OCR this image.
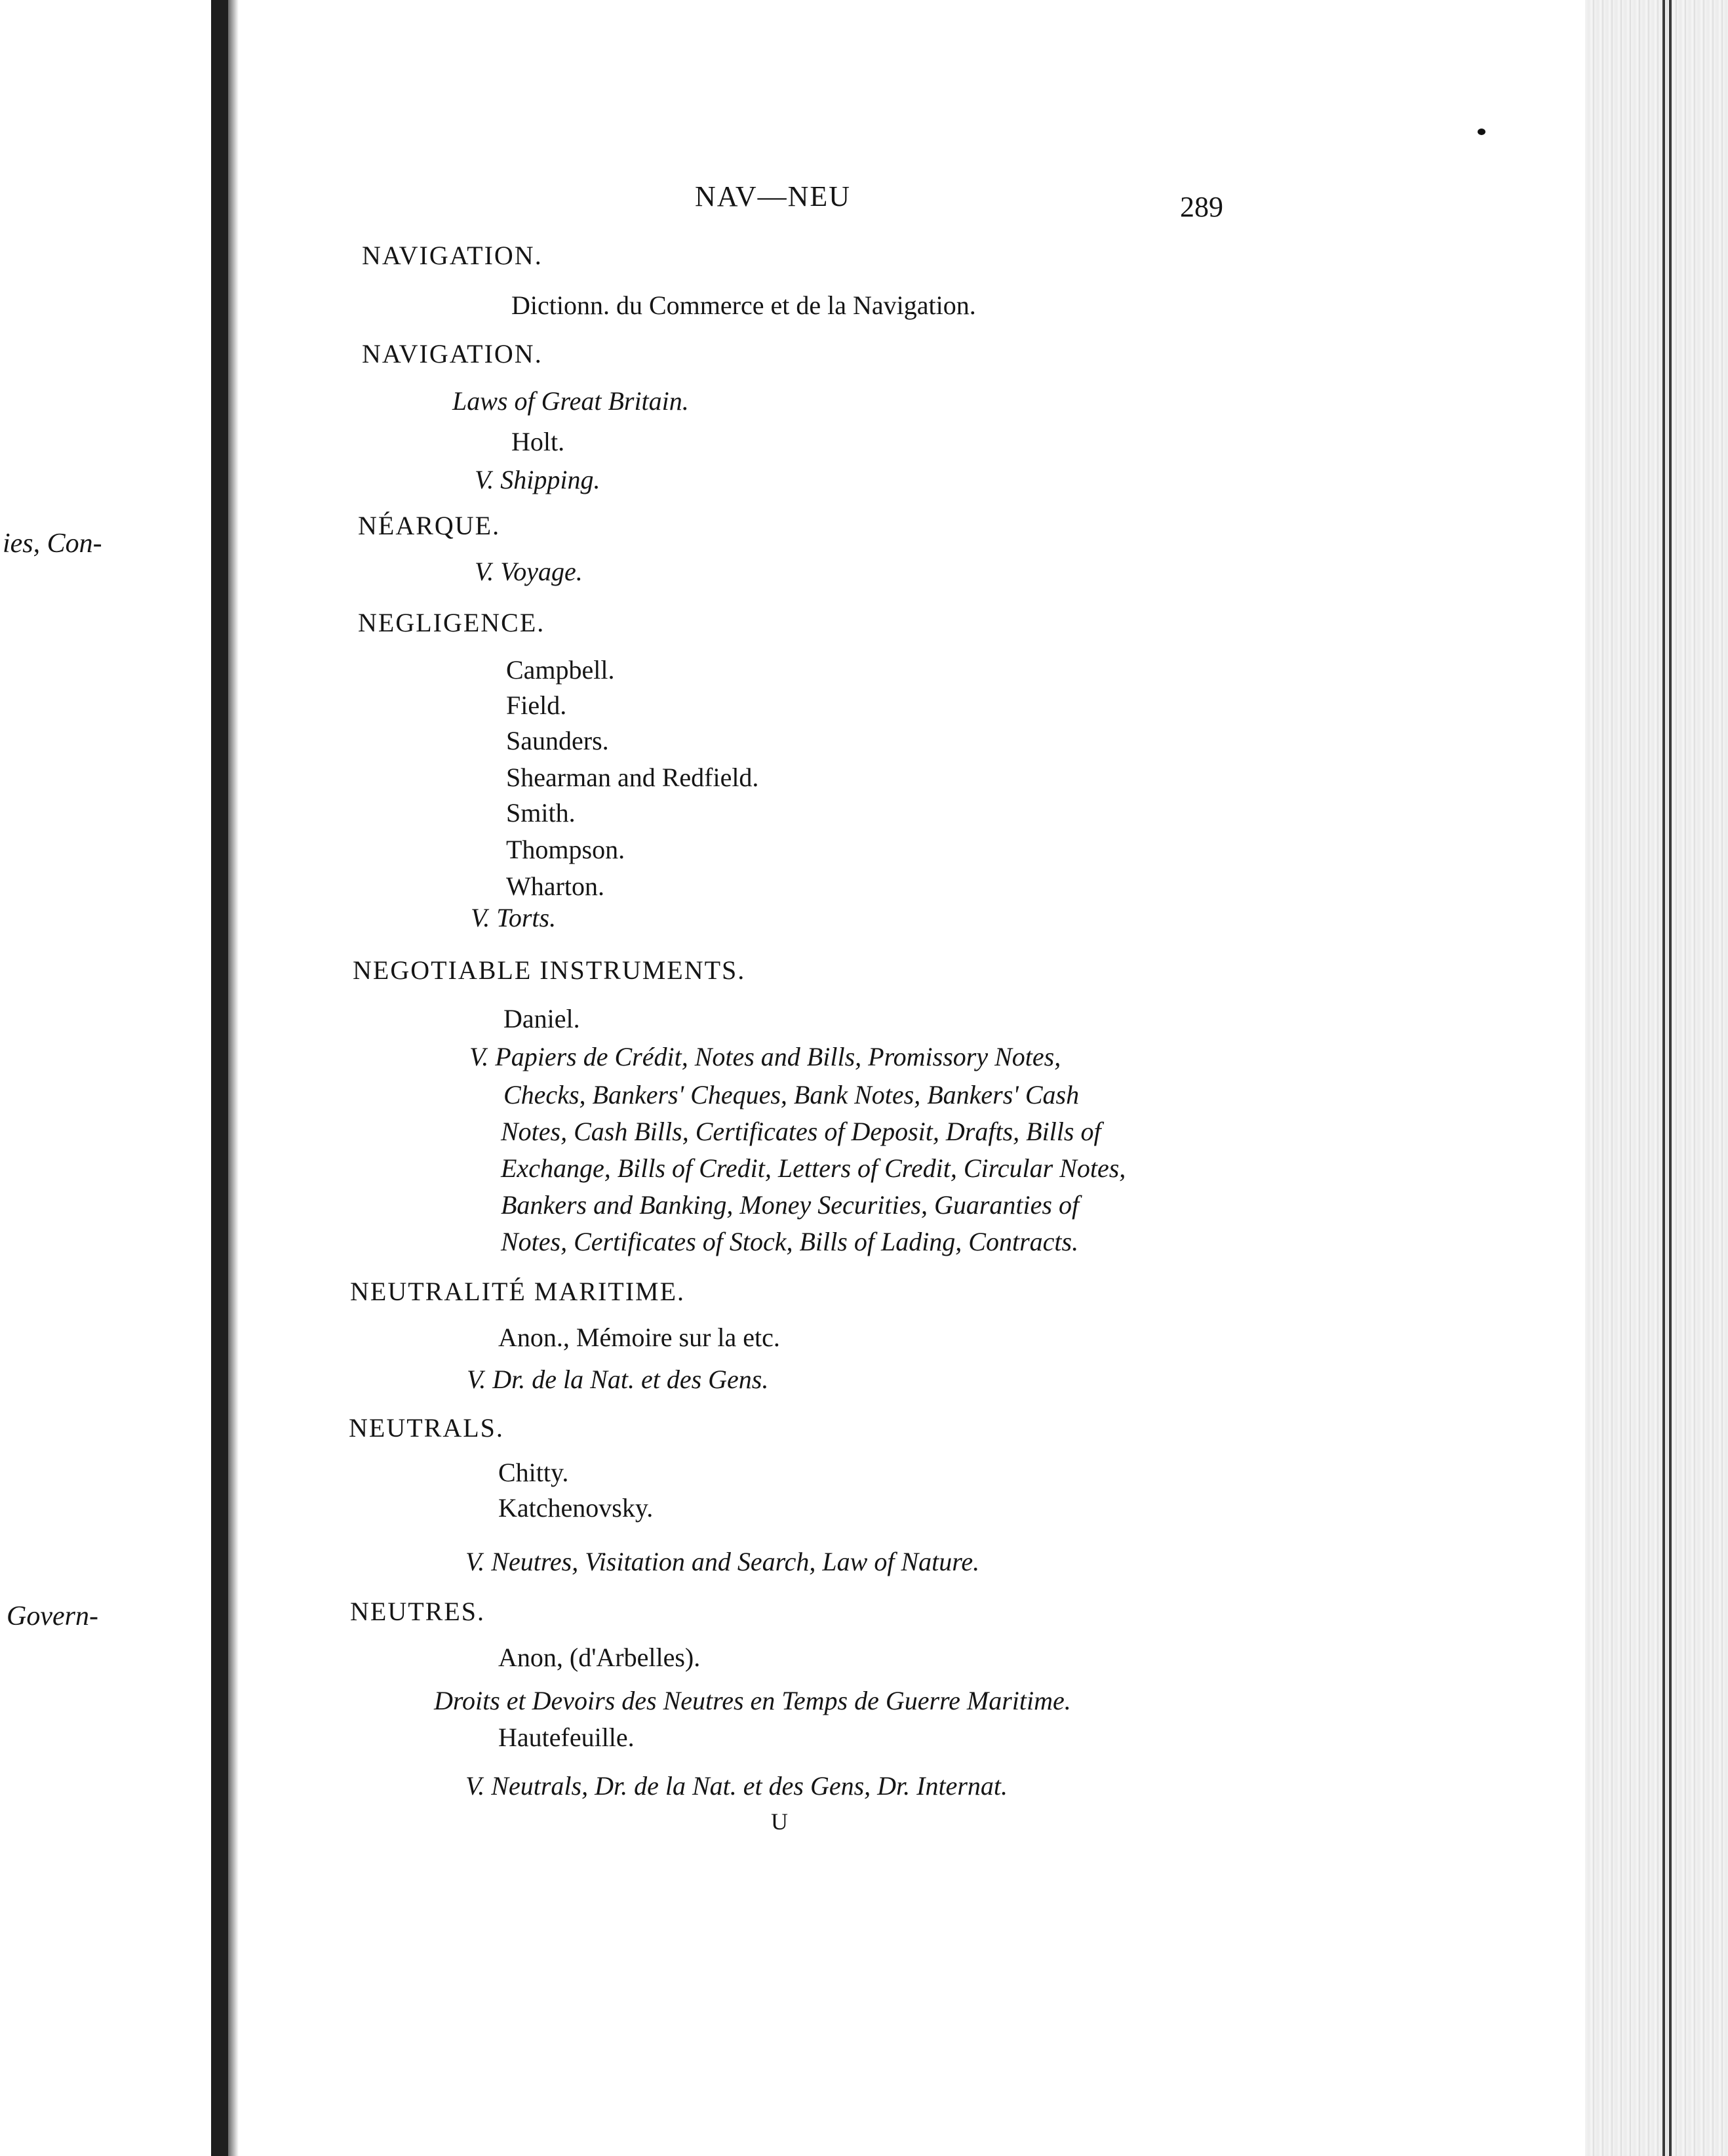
ies, Con-
Govern-
NAV—NEU	289
NAVIGATION.
Dictionn. du Commerce et de la Navigation.
NAVIGATION.
Laws of Great Britain.
Holt.
V. Shipping.
NÉARQUE.
V. Voyage.
NEGLIGENCE.
Campbell.
Field.
Saunders.
Shearman and Redfield.
Smith.
Thompson.
Wharton.
V. Torts.
NEGOTIABLE INSTRUMENTS.
Daniel.
V. Papiers de Crédit, Notes and Bills, Promissory Notes,
Checks, Bankers' Cheques, Bank Notes, Bankers' Cash
Notes, Cash Bills, Certificates of Deposit, Drafts, Bills of
Exchange, Bills of Credit, Letters of Credit, Circular Notes,
Bankers and Banking, Money Securities, Guaranties of
Notes, Certificates of Stock, Bills of Lading, Contracts.
NEUTRALITÉ MARITIME.
Anon., Mémoire sur la etc.
V. Dr. de la Nat. et des Gens.
NEUTRALS.
Chitty.
Katchenovsky.
V. Neutres, Visitation and Search, Law of Nature.
NEUTRES.
Anon, (d'Arbelles).
Droits et Devoirs des Neutres en Temps de Guerre Maritime.
Hautefeuille.
V. Neutrals, Dr. de la Nat. et des Gens, Dr. Internat.
U
